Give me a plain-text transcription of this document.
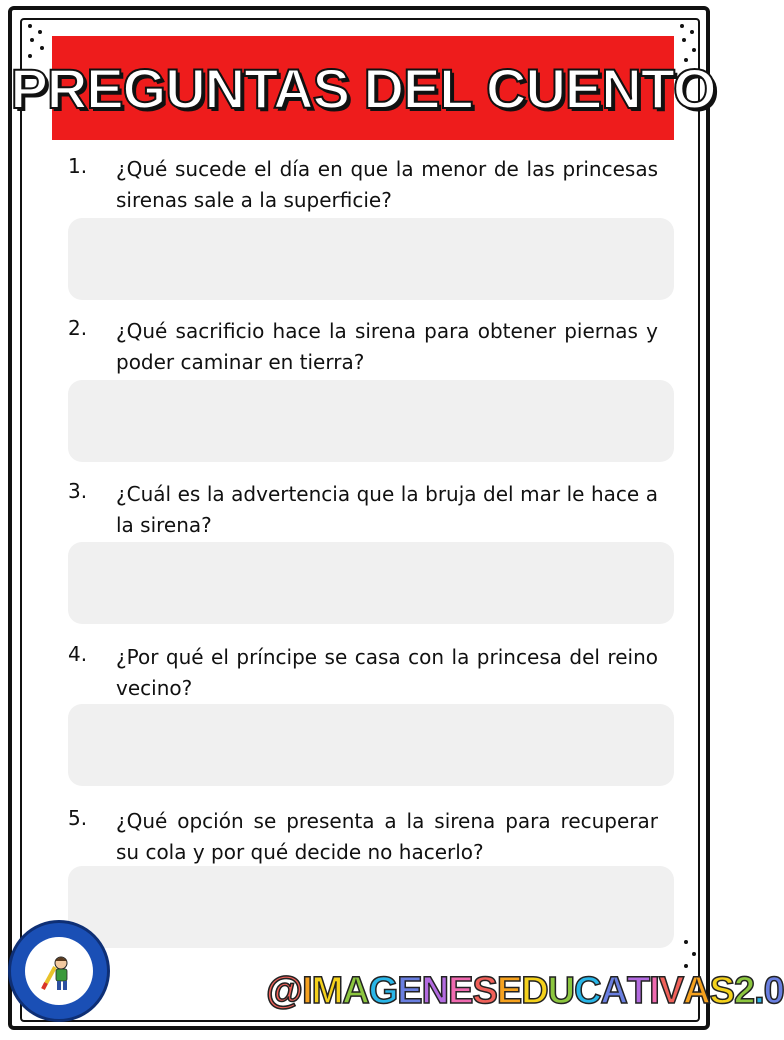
PREGUNTAS DEL CUENTO
1. ¿Qué sucede el día en que la menor de las princesas sirenas sale a la superficie?
2. ¿Qué sacrificio hace la sirena para obtener piernas y poder caminar en tierra?
3. ¿Cuál es la advertencia que la bruja del mar le hace a la sirena?
4. ¿Por qué el príncipe se casa con la princesa del reino vecino?
5. ¿Qué opción se presenta a la sirena para recuperar su cola y por qué decide no hacerlo?
@ I M A G E N E S E D U C A T I V A S 2 . 0
